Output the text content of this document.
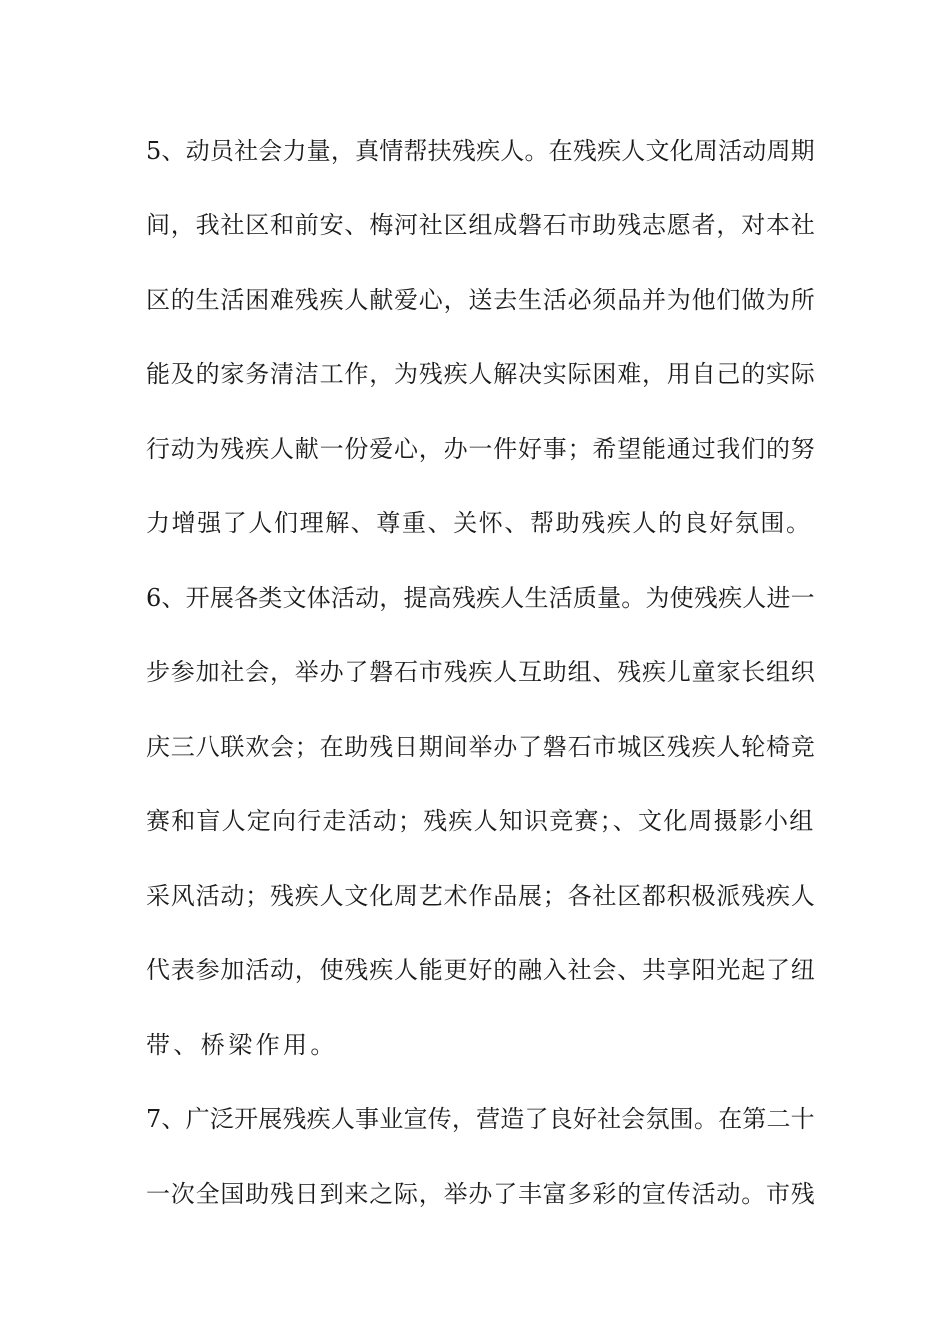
5、动员社会力量，真情帮扶残疾人。在残疾人文化周活动周期
间，我社区和前安、梅河社区组成磐石市助残志愿者，对本社
区的生活困难残疾人献爱心，送去生活必须品并为他们做为所
能及的家务清洁工作，为残疾人解决实际困难，用自己的实际
行动为残疾人献一份爱心，办一件好事；希望能通过我们的努
力增强了人们理解、尊重、关怀、帮助残疾人的良好氛围。
6、开展各类文体活动，提高残疾人生活质量。为使残疾人进一
步参加社会，举办了磐石市残疾人互助组、残疾儿童家长组织
庆三八联欢会；在助残日期间举办了磐石市城区残疾人轮椅竞
赛和盲人定向行走活动；残疾人知识竞赛；、文化周摄影小组
采风活动；残疾人文化周艺术作品展；各社区都积极派残疾人
代表参加活动，使残疾人能更好的融入社会、共享阳光起了纽
带、桥梁作用。
7、广泛开展残疾人事业宣传，营造了良好社会氛围。在第二十
一次全国助残日到来之际，举办了丰富多彩的宣传活动。市残
